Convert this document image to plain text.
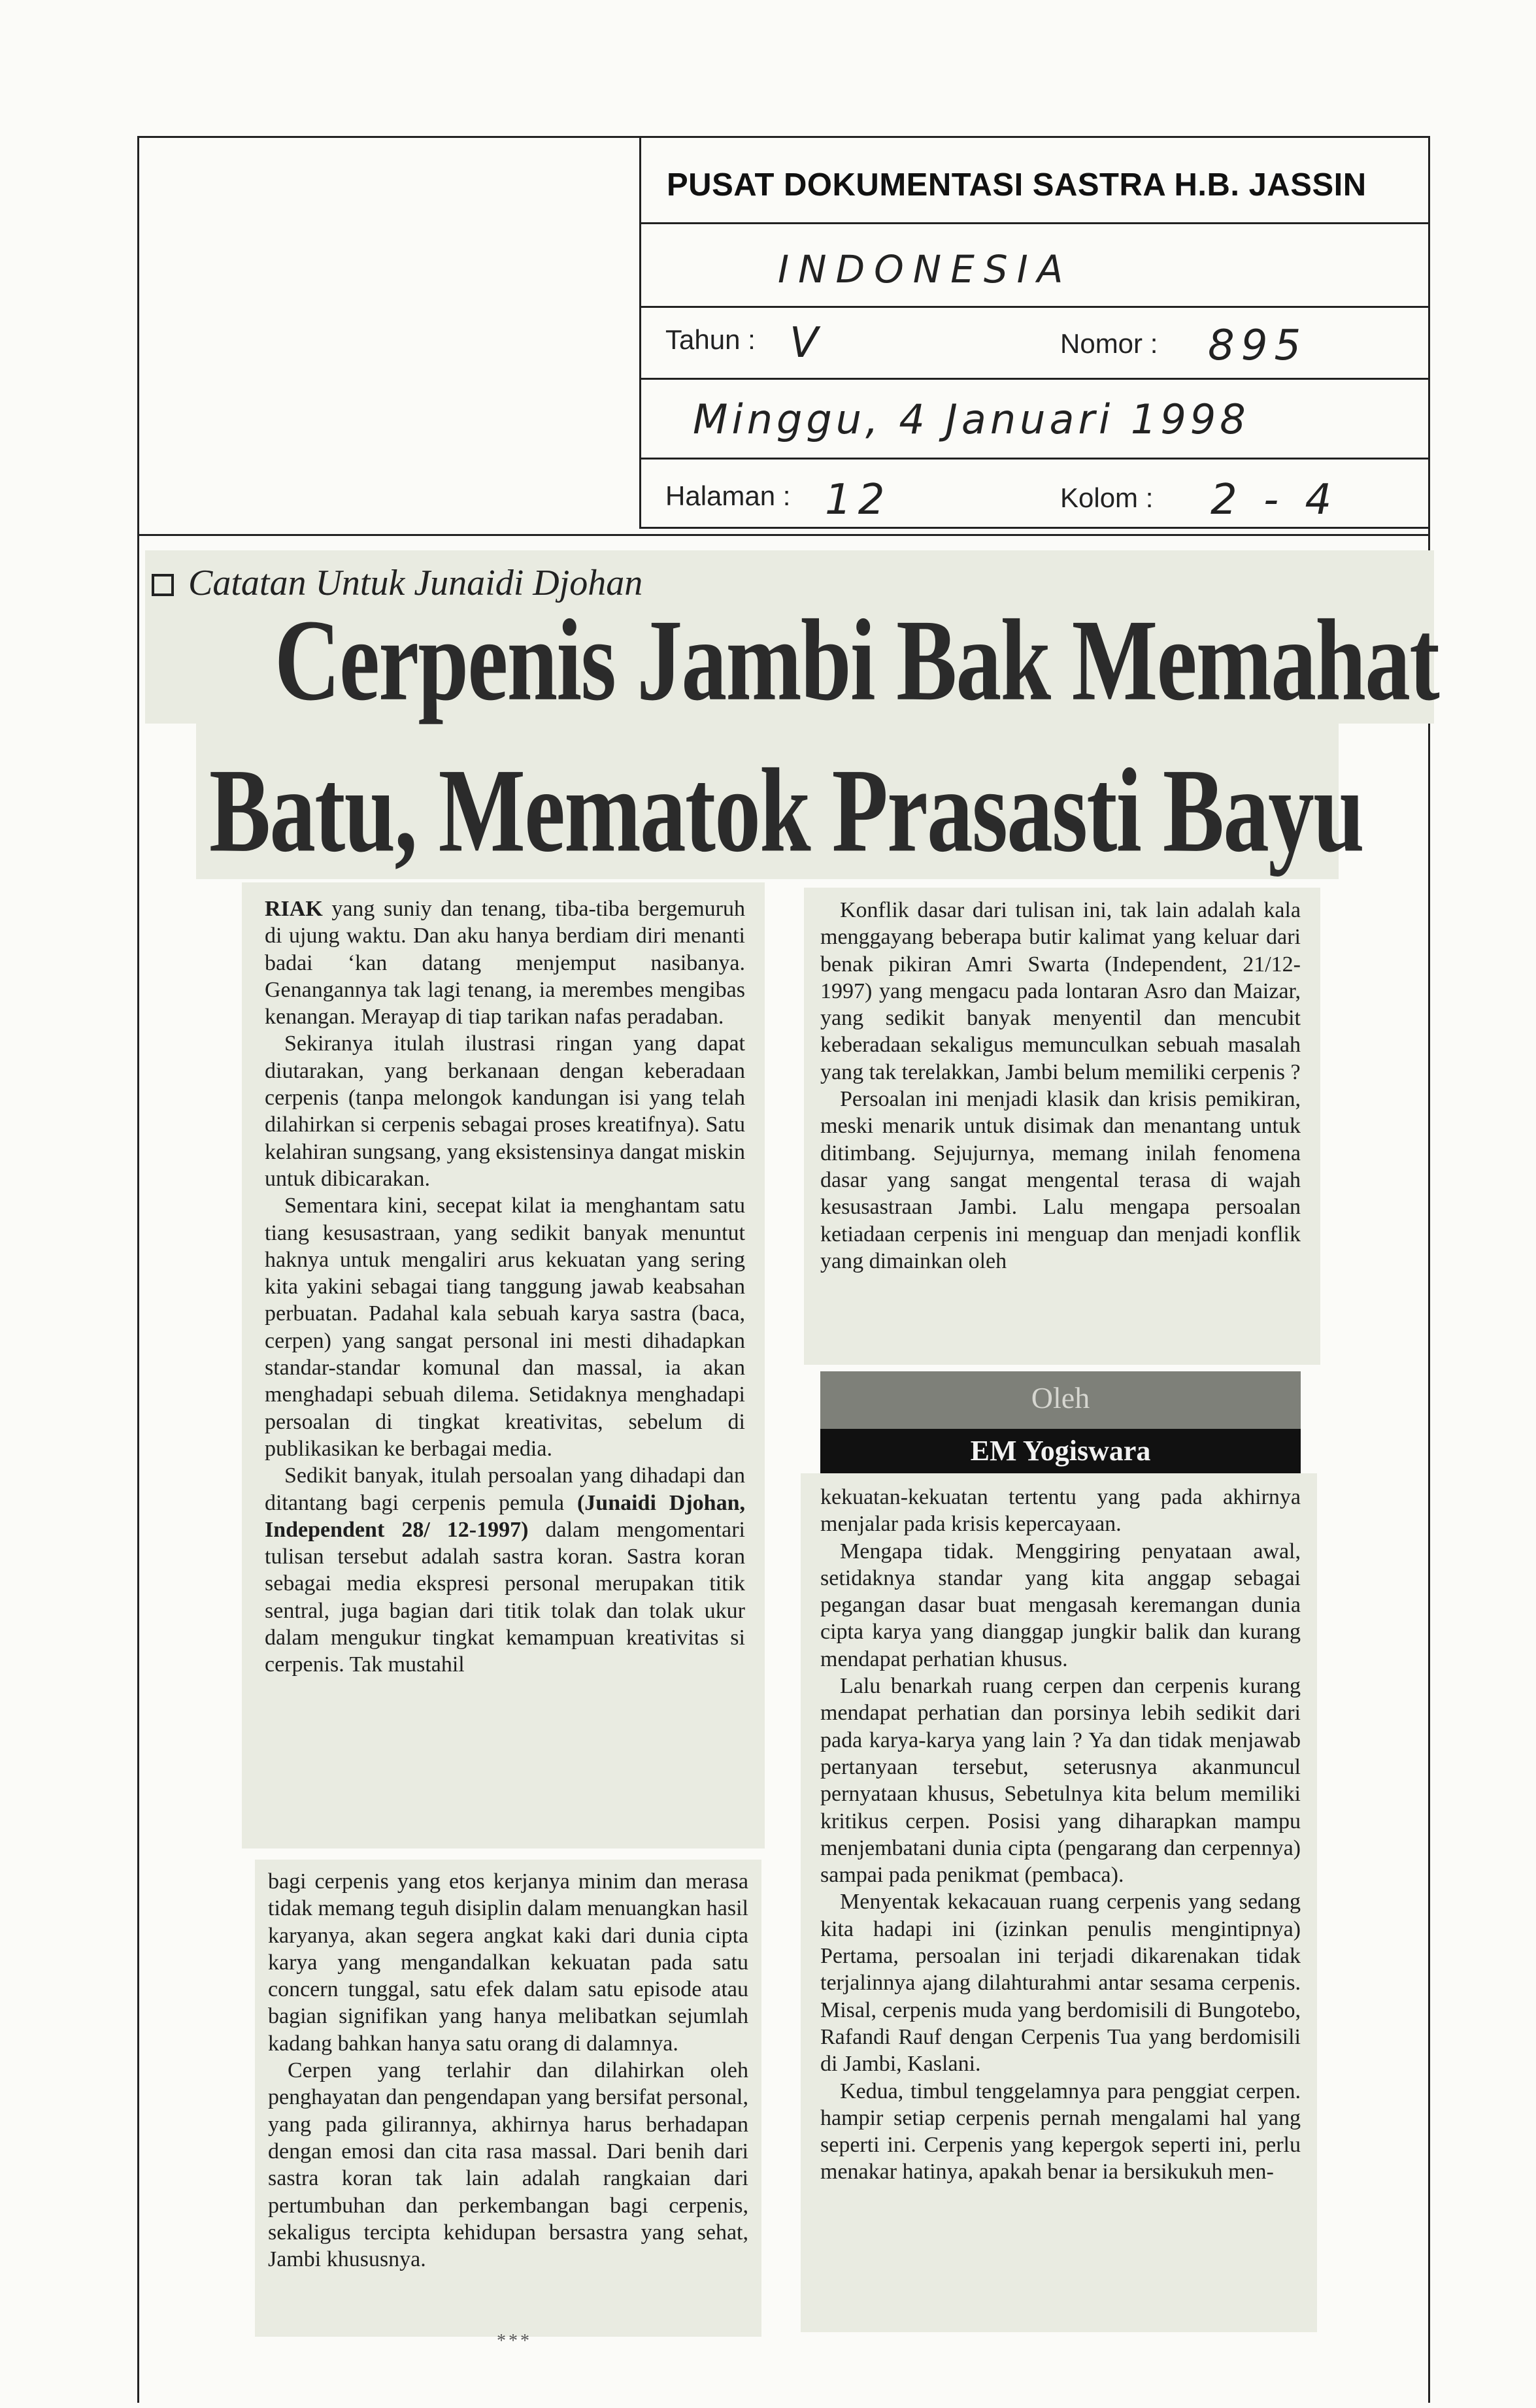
PUSAT DOKUMENTASI SASTRA H.B. JASSIN
INDONESIA
Tahun : V	Nomor : 895
Minggu, 4 Januari 1998
Halaman : 12	Kolom : 2 - 4
Catatan Untuk Junaidi Djohan
Cerpenis Jambi Bak Memahat
Batu, Mematok Prasasti Bayu

RIAK yang suniy dan tenang, tiba-tiba bergemuruh di ujung waktu. Dan aku hanya berdiam diri menanti badai ‘kan datang menjemput nasibanya. Genangannya tak lagi tenang, ia merembes mengibas kenangan. Merayap di tiap tarikan nafas peradaban.

Sekiranya itulah ilustrasi ringan yang dapat diutarakan, yang berkanaan dengan keberadaan cerpenis (tanpa melongok kandungan isi yang telah dilahirkan si cerpenis sebagai proses kreatifnya). Satu kelahiran sungsang, yang eksistensinya dangat miskin untuk dibicarakan.

Sementara kini, secepat kilat ia menghantam satu tiang kesusastraan, yang sedikit banyak menuntut haknya untuk mengaliri arus kekuatan yang sering kita yakini sebagai tiang tanggung jawab keabsahan perbuatan. Padahal kala sebuah karya sastra (baca, cerpen) yang sangat personal ini mesti dihadapkan standar-standar komunal dan massal, ia akan menghadapi sebuah dilema. Setidaknya menghadapi persoalan di tingkat kreativitas, sebelum di publikasikan ke berbagai media.

Sedikit banyak, itulah persoalan yang dihadapi dan ditantang bagi cerpenis pemula (Junaidi Djohan, Independent 28/ 12-1997) dalam mengomentari tulisan tersebut adalah sastra koran. Sastra koran sebagai media ekspresi personal merupakan titik sentral, juga bagian dari titik tolak dan tolak ukur dalam mengukur tingkat kemampuan kreativitas si cerpenis. Tak mustahil

bagi cerpenis yang etos kerjanya minim dan merasa tidak memang teguh disiplin dalam menuangkan hasil karyanya, akan segera angkat kaki dari dunia cipta karya yang mengandalkan kekuatan pada satu concern tunggal, satu efek dalam satu episode atau bagian signifikan yang hanya melibatkan sejumlah kadang bahkan hanya satu orang di dalamnya.

Cerpen yang terlahir dan dilahirkan oleh penghayatan dan pengendapan yang bersifat personal, yang pada gilirannya, akhirnya harus berhadapan dengan emosi dan cita rasa massal. Dari benih dari sastra koran tak lain adalah rangkaian dari pertumbuhan dan perkembangan bagi cerpenis, sekaligus tercipta kehidupan bersastra yang sehat, Jambi khususnya.

***

Konflik dasar dari tulisan ini, tak lain adalah kala menggayang beberapa butir kalimat yang keluar dari benak pikiran Amri Swarta (Independent, 21/12-1997) yang mengacu pada lontaran Asro dan Maizar, yang sedikit banyak menyentil dan mencubit keberadaan sekaligus memunculkan sebuah masalah yang tak terelakkan, Jambi belum memiliki cerpenis ?

Persoalan ini menjadi klasik dan krisis pemikiran, meski menarik untuk disimak dan menantang untuk ditimbang. Sejujurnya, memang inilah fenomena dasar yang sangat mengental terasa di wajah kesusastraan Jambi. Lalu mengapa persoalan ketiadaan cerpenis ini menguap dan menjadi konflik yang dimainkan oleh

Oleh
EM Yogiswara

kekuatan-kekuatan tertentu yang pada akhirnya menjalar pada krisis kepercayaan.

Mengapa tidak. Menggiring penyataan awal, setidaknya standar yang kita anggap sebagai pegangan dasar buat mengasah keremangan dunia cipta karya yang dianggap jungkir balik dan kurang mendapat perhatian khusus.

Lalu benarkah ruang cerpen dan cerpenis kurang mendapat perhatian dan porsinya lebih sedikit dari pada karya-karya yang lain ? Ya dan tidak menjawab pertanyaan tersebut, seterusnya akanmuncul pernyataan khusus, Sebetulnya kita belum memiliki kritikus cerpen. Posisi yang diharapkan mampu menjembatani dunia cipta (pengarang dan cerpennya) sampai pada penikmat (pembaca).

Menyentak kekacauan ruang cerpenis yang sedang kita hadapi ini (izinkan penulis mengintipnya) Pertama, persoalan ini terjadi dikarenakan tidak terjalinnya ajang dilahturahmi antar sesama cerpenis. Misal, cerpenis muda yang berdomisili di Bungotebo, Rafandi Rauf dengan Cerpenis Tua yang berdomisili di Jambi, Kaslani.

Kedua, timbul tenggelamnya para penggiat cerpen. hampir setiap cerpenis pernah mengalami hal yang seperti ini. Cerpenis yang kepergok seperti ini, perlu menakar hatinya, apakah benar ia bersikukuh men-
